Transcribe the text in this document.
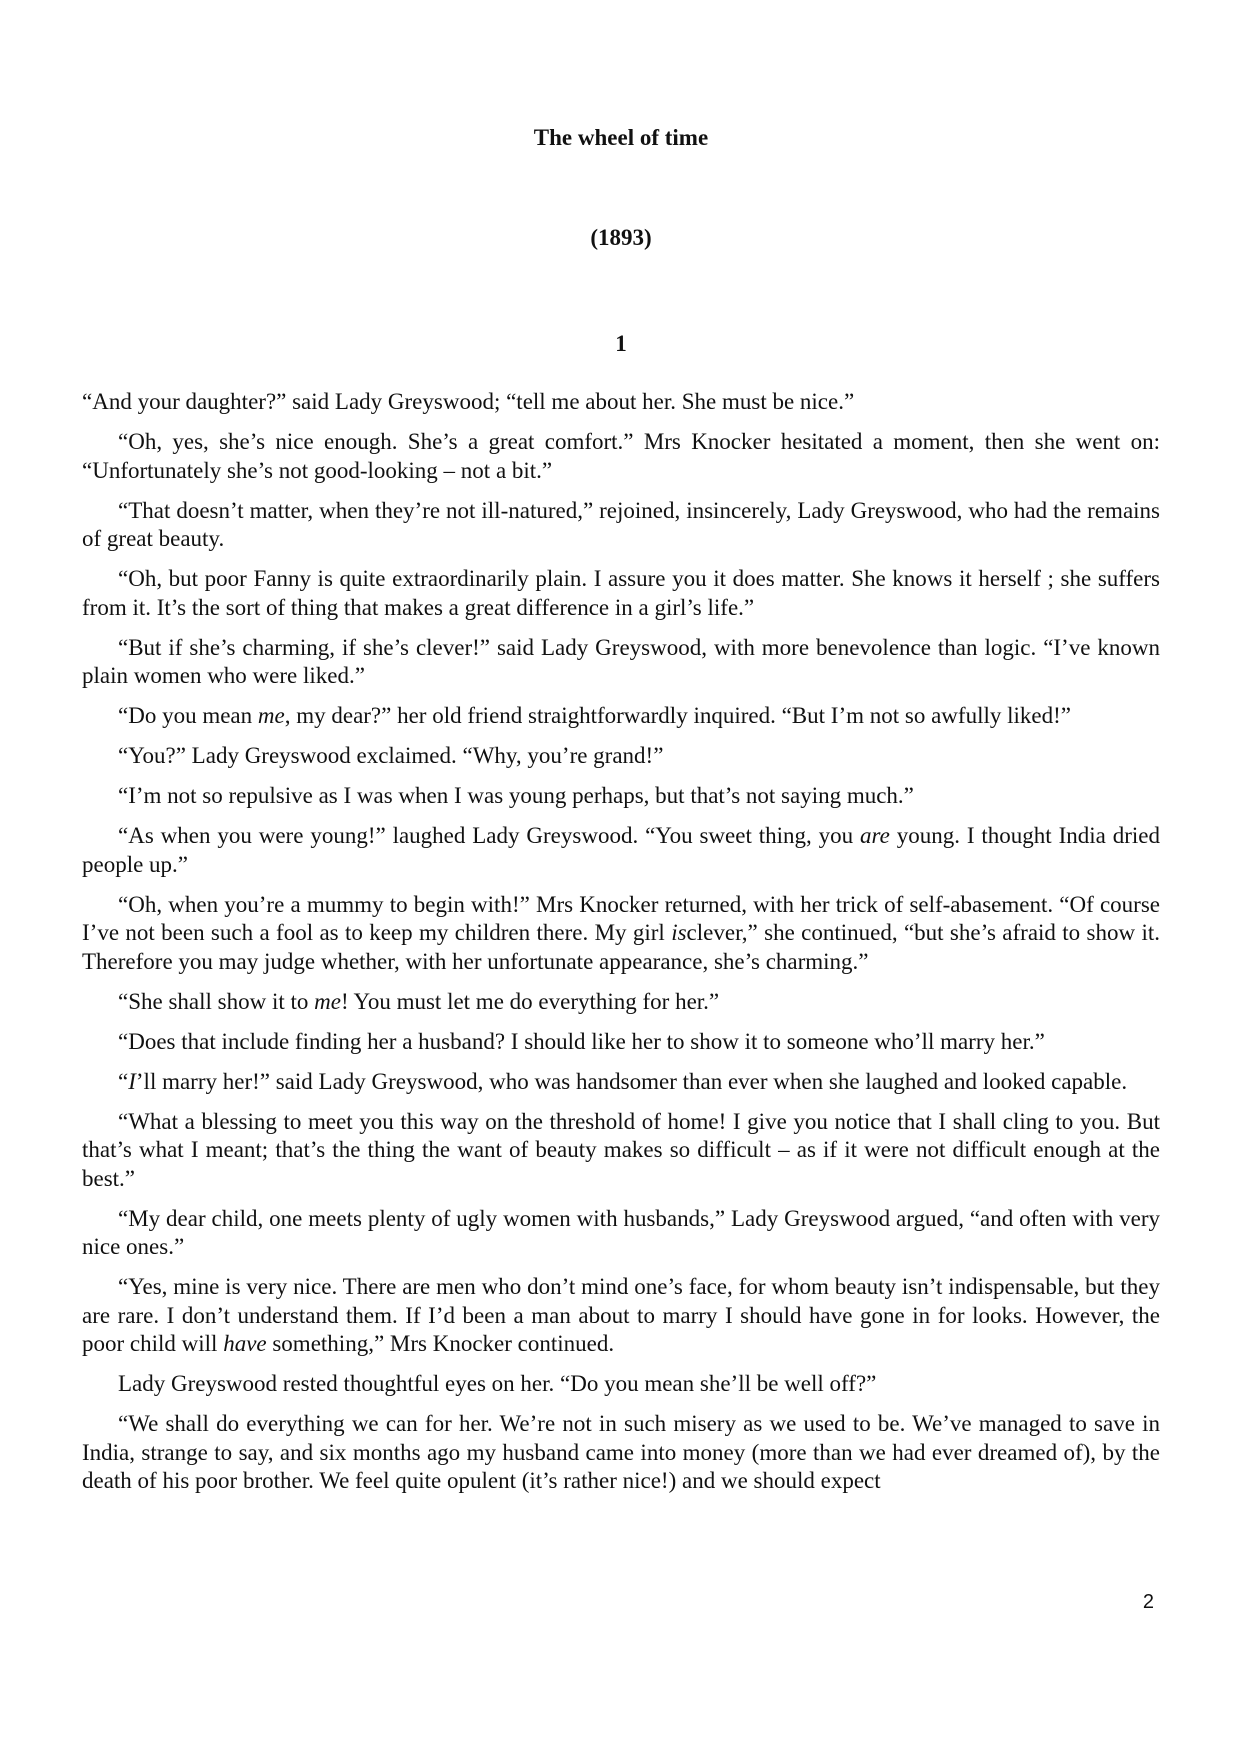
The wheel of time
(1893)
1

“And your daughter?” said Lady Greyswood; “tell me about her. She must be nice.”

“Oh, yes, she’s nice enough. She’s a great comfort.” Mrs Knocker hesitated a moment, then she went on: “Unfortunately she’s not good-looking – not a bit.”

“That doesn’t matter, when they’re not ill-natured,” rejoined, insincerely, Lady Greyswood, who had the remains of great beauty.

“Oh, but poor Fanny is quite extraordinarily plain. I assure you it does matter. She knows it herself ; she suffers from it. It’s the sort of thing that makes a great difference in a girl’s life.”

“But if she’s charming, if she’s clever!” said Lady Greyswood, with more benevolence than logic. “I’ve known plain women who were liked.”

“Do you mean me, my dear?” her old friend straightforwardly inquired. “But I’m not so awfully liked!”

“You?” Lady Greyswood exclaimed. “Why, you’re grand!”

“I’m not so repulsive as I was when I was young perhaps, but that’s not saying much.”

“As when you were young!” laughed Lady Greyswood. “You sweet thing, you are young. I thought India dried people up.”

“Oh, when you’re a mummy to begin with!” Mrs Knocker returned, with her trick of self-abasement. “Of course I’ve not been such a fool as to keep my children there. My girl isclever,” she continued, “but she’s afraid to show it. Therefore you may judge whether, with her unfortunate appearance, she’s charming.”

“She shall show it to me! You must let me do everything for her.”

“Does that include finding her a husband? I should like her to show it to someone who’ll marry her.”

“I’ll marry her!” said Lady Greyswood, who was handsomer than ever when she laughed and looked capable.

“What a blessing to meet you this way on the threshold of home! I give you notice that I shall cling to you. But that’s what I meant; that’s the thing the want of beauty makes so difficult – as if it were not difficult enough at the best.”

“My dear child, one meets plenty of ugly women with husbands,” Lady Greyswood argued, “and often with very nice ones.”

“Yes, mine is very nice. There are men who don’t mind one’s face, for whom beauty isn’t indispensable, but they are rare. I don’t understand them. If I’d been a man about to marry I should have gone in for looks. However, the poor child will have something,” Mrs Knocker continued.

Lady Greyswood rested thoughtful eyes on her. “Do you mean she’ll be well off?”

“We shall do everything we can for her. We’re not in such misery as we used to be. We’ve managed to save in India, strange to say, and six months ago my husband came into money (more than we had ever dreamed of), by the death of his poor brother. We feel quite opulent (it’s rather nice!) and we should expect

2
